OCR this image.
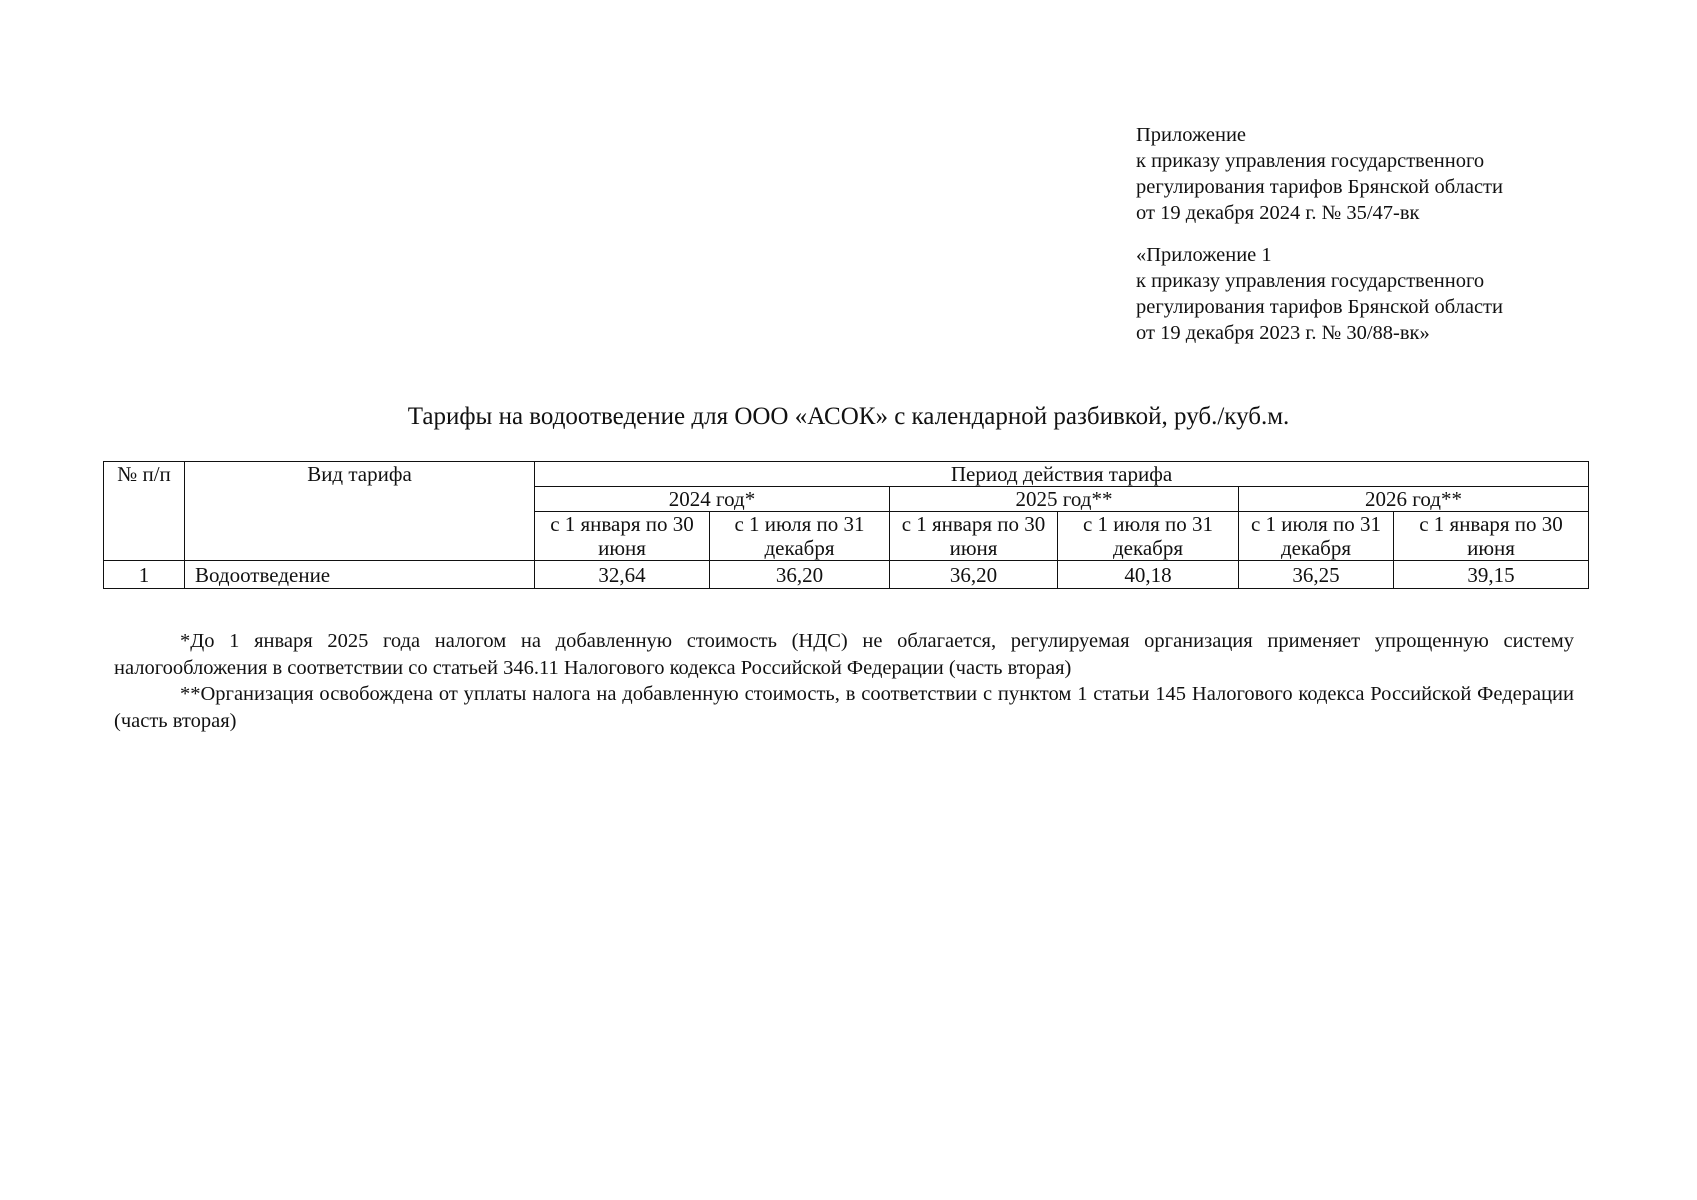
Приложение

к приказу управления государственного

регулирования тарифов Брянской области

от 19 декабря 2024 г. № 35/47-вк

«Приложение 1

к приказу управления государственного

регулирования тарифов Брянской области

от 19 декабря 2023 г. № 30/88-вк»

Тарифы на водоотведение для ООО «АСОК» с календарной разбивкой, руб./куб.м.
№ п/п	Вид тарифа	Период действия тарифа					
		2024 год*		2025 год**		2026 год**	
		с 1 января по 30 июня	с 1 июля по 31 декабря	с 1 января по 30 июня	с 1 июля по 31 декабря	с 1 июля по 31 декабря	с 1 января по 30 июня
1	Водоотведение	32,64	36,20	36,20	40,18	36,25	39,15

*До 1 января 2025 года налогом на добавленную стоимость (НДС) не облагается, регулируемая организация применяет упрощенную систему налогообложения в соответствии со статьей 346.11 Налогового кодекса Российской Федерации (часть вторая)

**Организация освобождена от уплаты налога на добавленную стоимость, в соответствии с пунктом 1 статьи 145 Налогового кодекса Российской Федерации (часть вторая)
